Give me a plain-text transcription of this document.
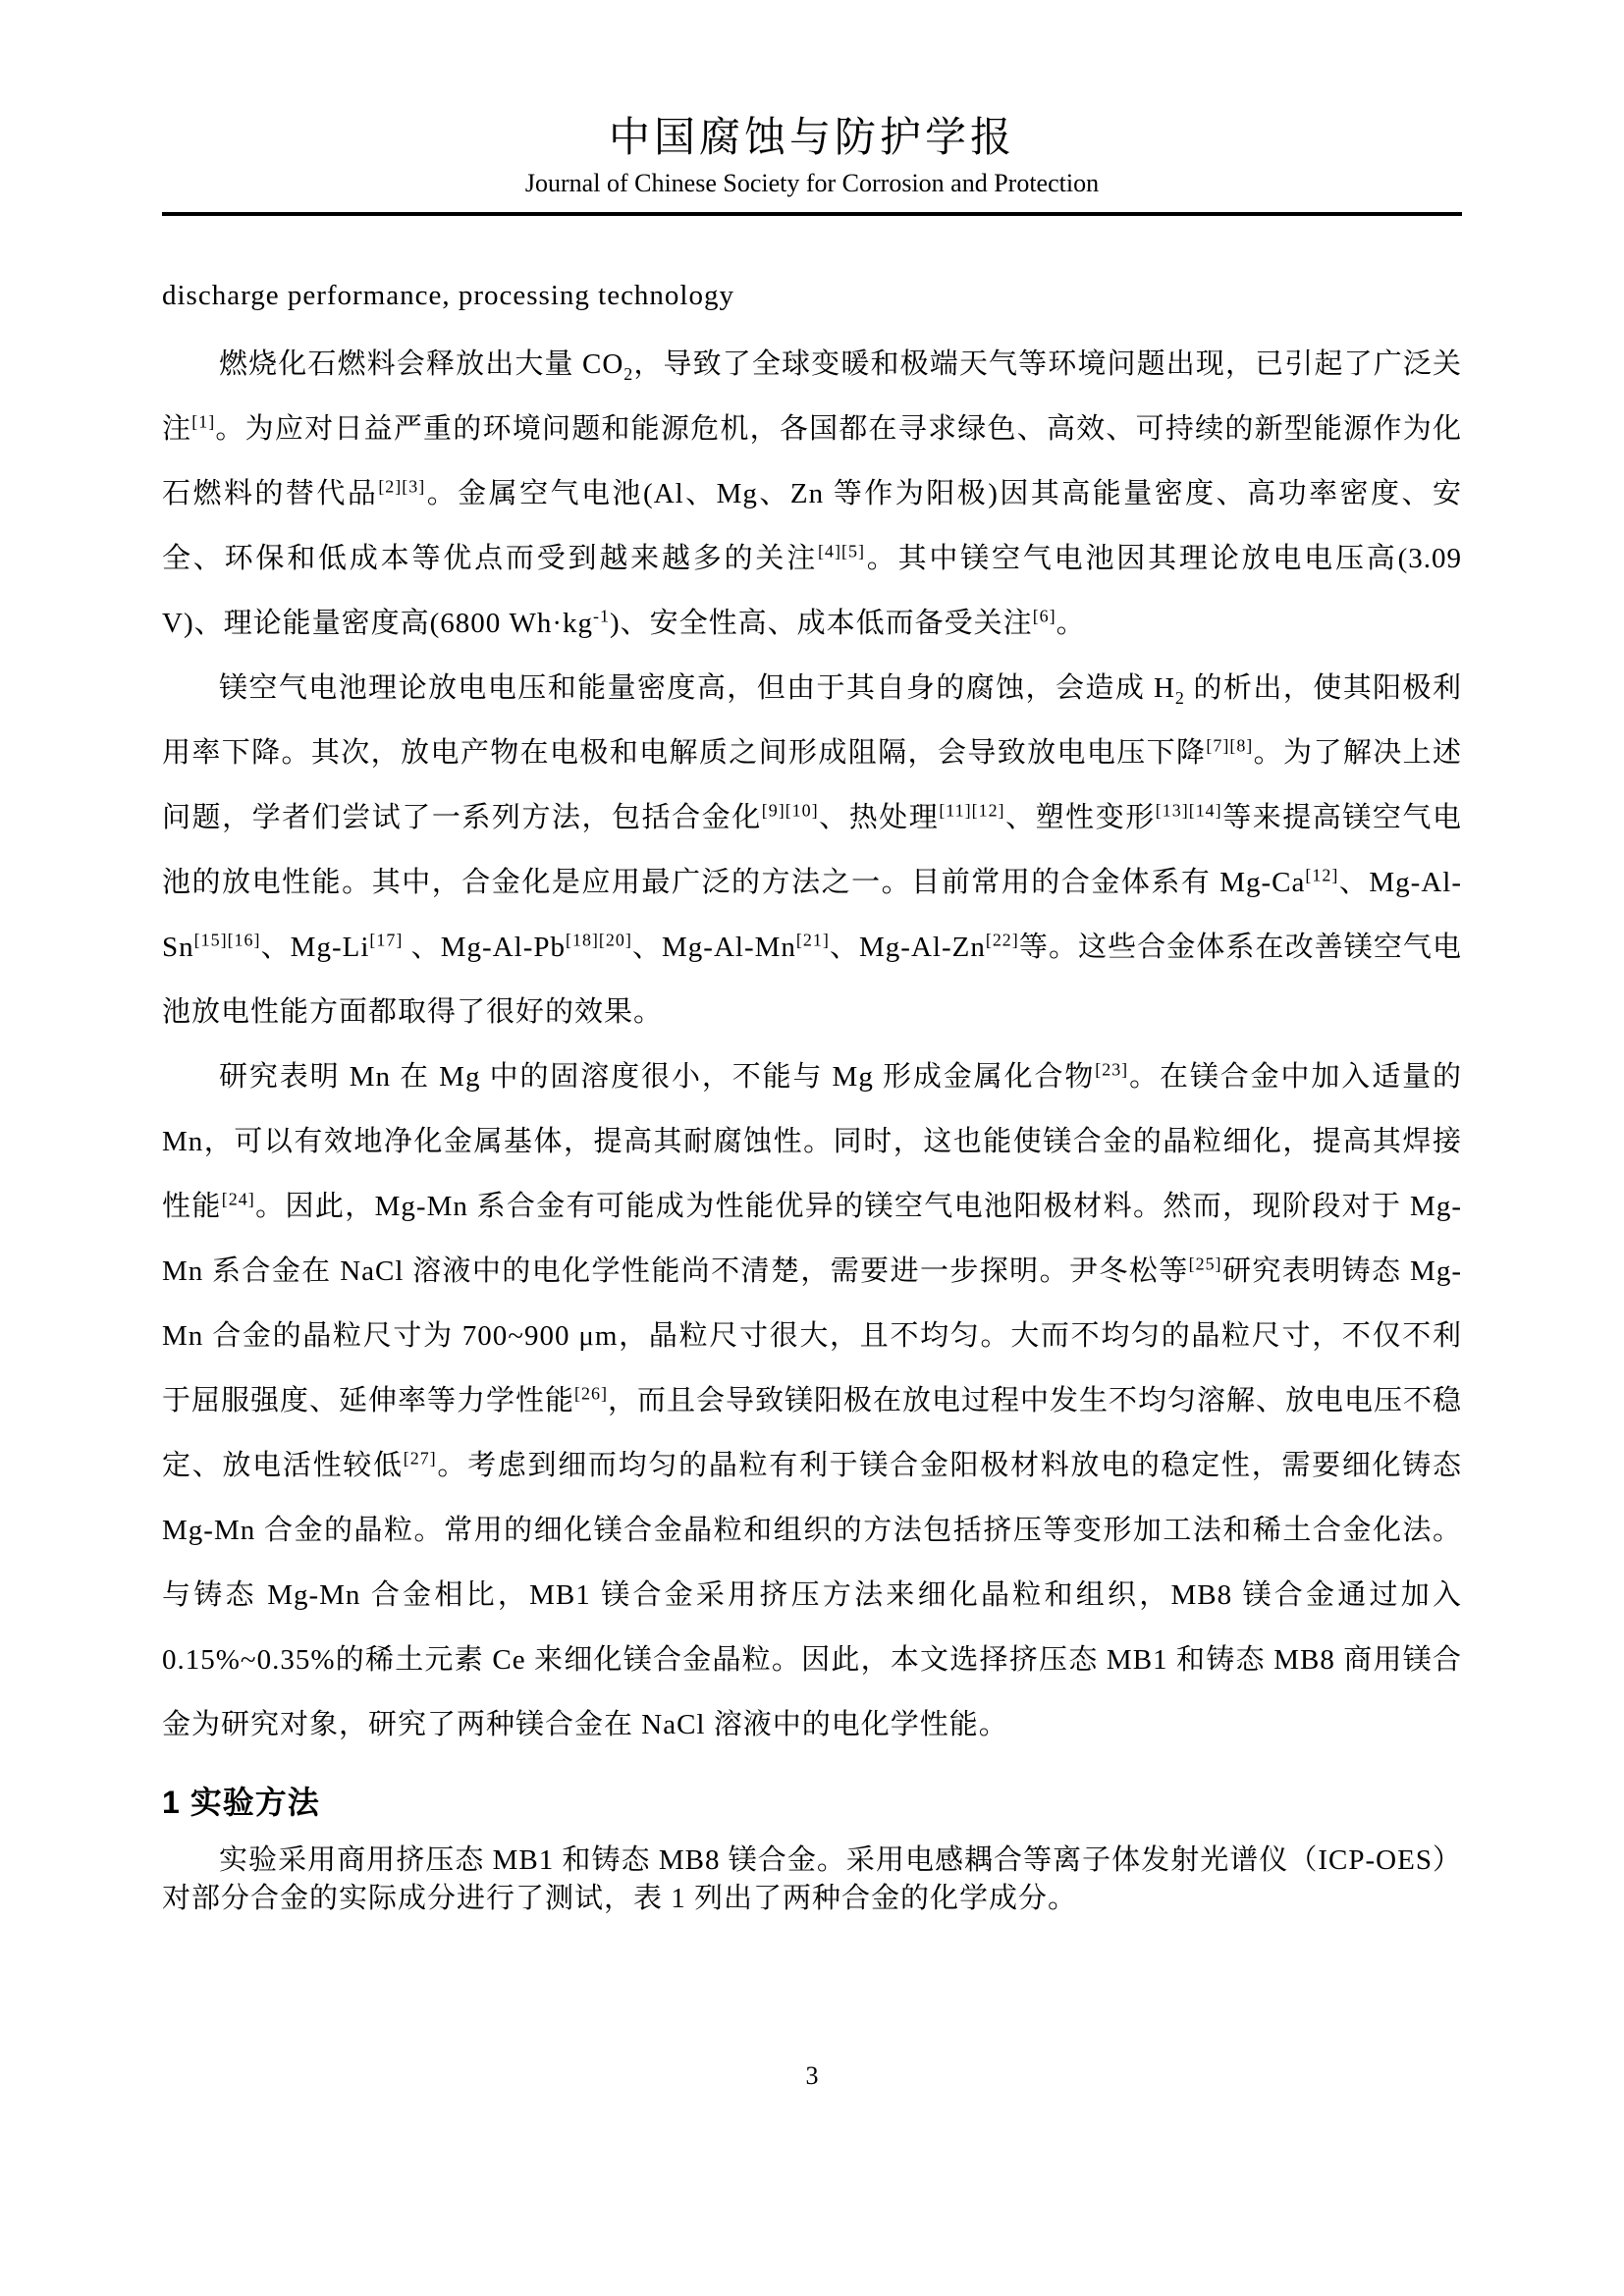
中国腐蚀与防护学报
Journal of Chinese Society for Corrosion and Protection
discharge performance, processing technology
燃烧化石燃料会释放出大量 $CO_2$，导致了全球变暖和极端天气等环境问题出现，已引起了广泛关注[1]。为应对日益严重的环境问题和能源危机，各国都在寻求绿色、高效、可持续的新型能源作为化石燃料的替代品[2][3]。金属空气电池(Al、Mg、Zn 等作为阳极)因其高能量密度、高功率密度、安全、环保和低成本等优点而受到越来越多的关注[4][5]。其中镁空气电池因其理论放电电压高(3.09 V)、理论能量密度高(6800 $Wh\cdot kg^{-1}$)、安全性高、成本低而备受关注[6]。
镁空气电池理论放电电压和能量密度高，但由于其自身的腐蚀，会造成 $H_2$ 的析出，使其阳极利用率下降。其次，放电产物在电极和电解质之间形成阻隔，会导致放电电压下降[7][8]。为了解决上述问题，学者们尝试了一系列方法，包括合金化[9][10]、热处理[11][12]、塑性变形[13][14]等来提高镁空气电池的放电性能。其中，合金化是应用最广泛的方法之一。目前常用的合金体系有 Mg-Ca[12]、Mg-Al-Sn[15][16]、Mg-Li[17] 、Mg-Al-Pb[18][20]、Mg-Al-Mn[21]、Mg-Al-Zn[22]等。这些合金体系在改善镁空气电池放电性能方面都取得了很好的效果。
研究表明 Mn 在 Mg 中的固溶度很小，不能与 Mg 形成金属化合物[23]。在镁合金中加入适量的 Mn，可以有效地净化金属基体，提高其耐腐蚀性。同时，这也能使镁合金的晶粒细化，提高其焊接性能[24]。因此，Mg-Mn 系合金有可能成为性能优异的镁空气电池阳极材料。然而，现阶段对于 Mg-Mn 系合金在 NaCl 溶液中的电化学性能尚不清楚，需要进一步探明。尹冬松等[25]研究表明铸态 Mg-Mn 合金的晶粒尺寸为 700~900 μm，晶粒尺寸很大，且不均匀。大而不均匀的晶粒尺寸，不仅不利于屈服强度、延伸率等力学性能[26]，而且会导致镁阳极在放电过程中发生不均匀溶解、放电电压不稳定、放电活性较低[27]。考虑到细而均匀的晶粒有利于镁合金阳极材料放电的稳定性，需要细化铸态 Mg-Mn 合金的晶粒。常用的细化镁合金晶粒和组织的方法包括挤压等变形加工法和稀土合金化法。与铸态 Mg-Mn 合金相比，MB1 镁合金采用挤压方法来细化晶粒和组织，MB8 镁合金通过加入0.15%~0.35%的稀土元素 Ce 来细化镁合金晶粒。因此，本文选择挤压态 MB1 和铸态 MB8 商用镁合金为研究对象，研究了两种镁合金在 NaCl 溶液中的电化学性能。
1 实验方法
实验采用商用挤压态 MB1 和铸态 MB8 镁合金。采用电感耦合等离子体发射光谱仪（ICP-OES）对部分合金的实际成分进行了测试，表 1 列出了两种合金的化学成分。
3
